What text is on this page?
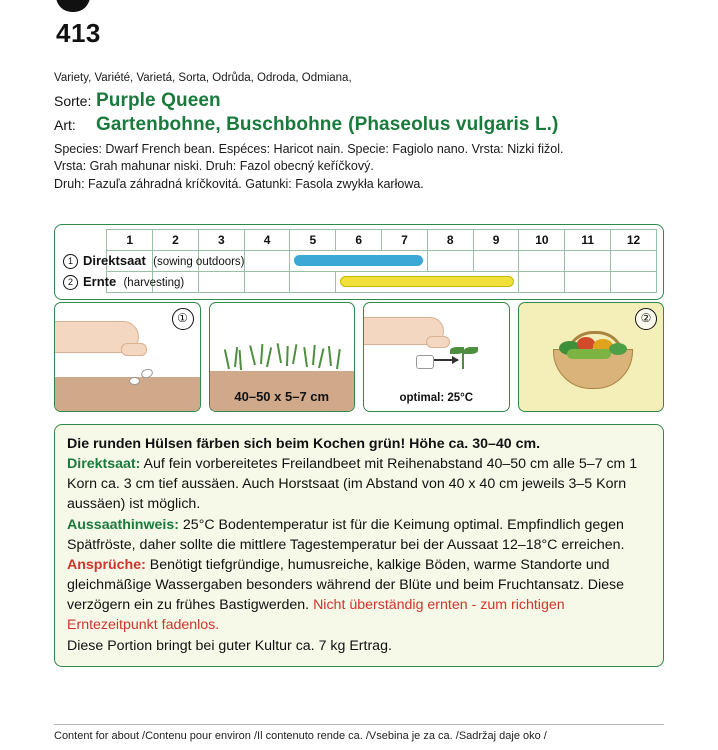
413
Variety, Variété, Varietá, Sorta, Odrůda, Odroda, Odmiana,
Sorte: Purple Queen
Art:	Gartenbohne, Buschbohne (Phaseolus vulgaris L.)
Species: Dwarf French bean. Espéces: Haricot nain. Specie: Fagiolo nano. Vrsta: Nizki fižol.
Vrsta: Grah mahunar niski. Druh: Fazol obecný keříčkový.
Druh: Fazuľa záhradná kríčkovitá. Gatunki: Fasola zwykła karłowa.
	1	2	3	4	5	6	7	8	9	10	11	12
1 Direktsaat (sowing outdoors)							

2 Ernte (harvesting)									

①
40–50 x 5–7 cm	optimal: 25°C
②

Die runden Hülsen färben sich beim Kochen grün! Höhe ca. 30–40 cm.

Direktsaat: Auf fein vorbereitetes Freilandbeet mit Reihenabstand 40–50 cm alle 5–7 cm 1 Korn ca. 3 cm tief aussäen. Auch Horstsaat (im Abstand von 40 x 40 cm jeweils 3–5 Korn aussäen) ist möglich.

Aussaathinweis: 25°C Bodentemperatur ist für die Keimung optimal. Empfindlich gegen Spätfröste, daher sollte die mittlere Tagestemperatur bei der Aussaat 12–18°C erreichen. Ansprüche: Benötigt tiefgründige, humusreiche, kalkige Böden, warme Standorte und gleichmäßige Wassergaben besonders während der Blüte und beim Fruchtansatz. Diese verzögern ein zu frühes Bastigwerden. Nicht überständig ernten - zum richtigen Erntezeitpunkt fadenlos.

Diese Portion bringt bei guter Kultur ca. 7 kg Ertrag.

Content for about /Contenu pour environ /Il contenuto rende ca. /Vsebina je za ca. /Sadržaj daje oko /
